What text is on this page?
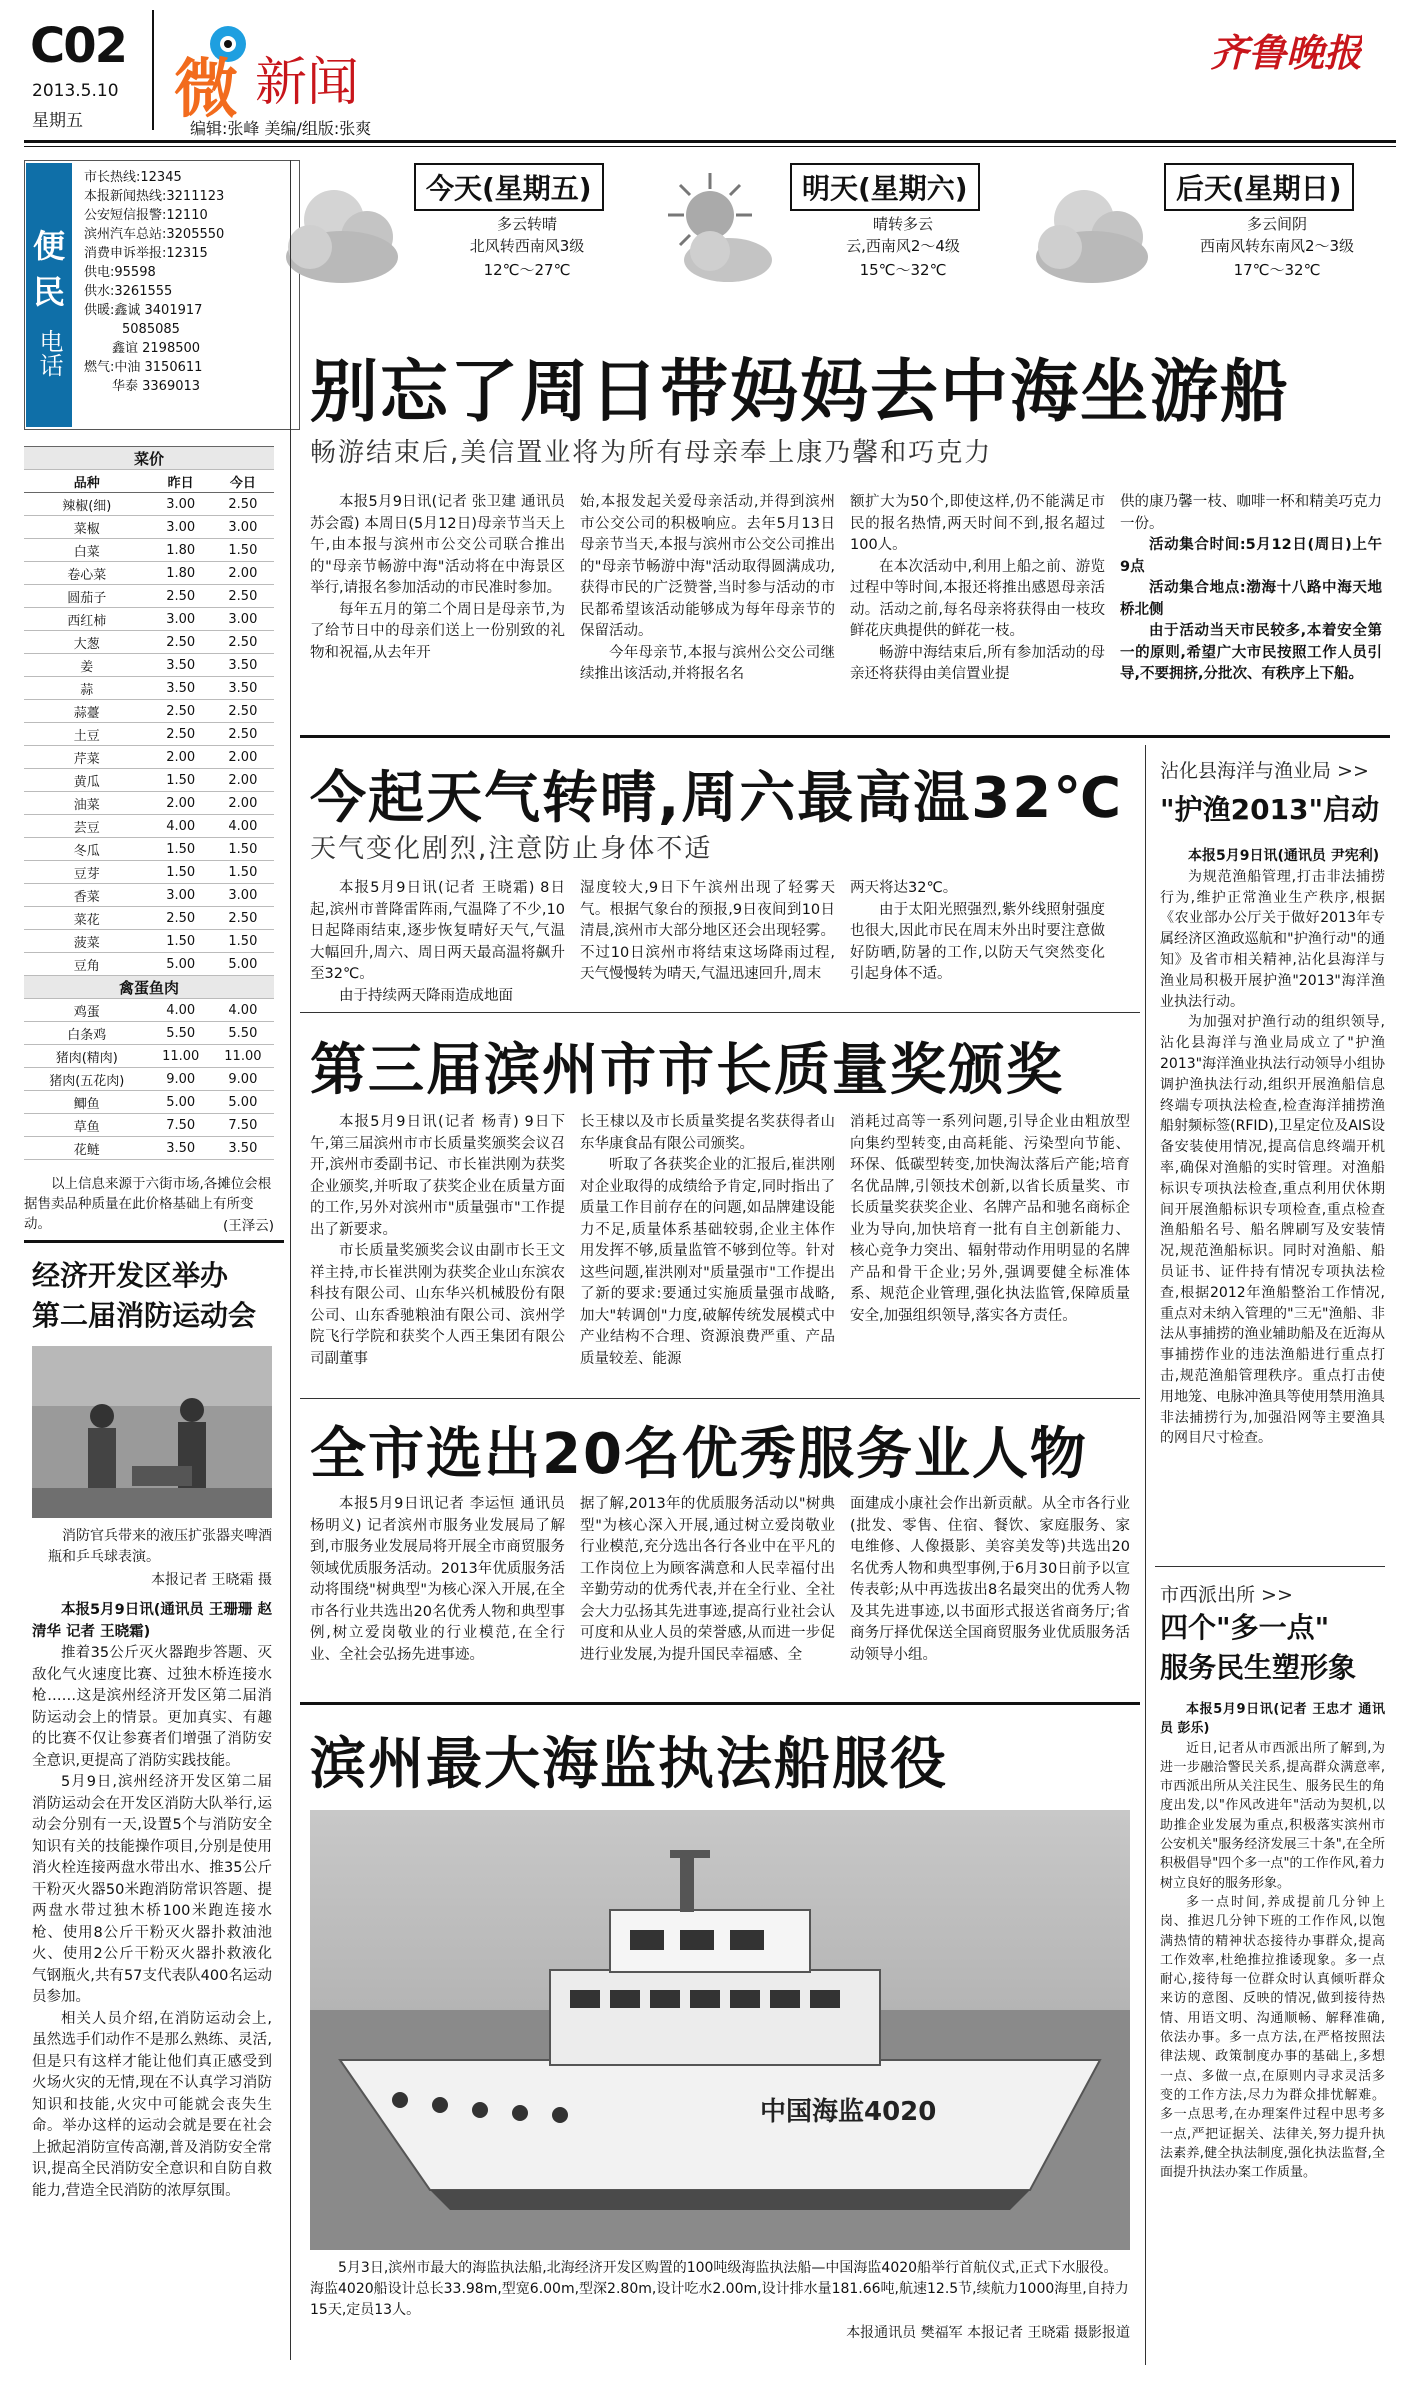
C02
2013.5.10
星期五 微 新闻
编辑:张峰 美编/组版:张爽
齐鲁晚报
便民
电话
市长热线:12345
本报新闻热线:3211123
公安短信报警:12110
滨州汽车总站:3205550
消费申诉举报:12315
供电:95598
供水:3261555
供暖:鑫诚 3401917
5085085
鑫谊 2198500
燃气:中油 3150611
华泰 3369013
今天(星期五)
多云转晴
北风转西南风3级
12℃～27℃
明天(星期六)
晴转多云
云,西南风2～4级
15℃～32℃
后天(星期日)
多云间阴
西南风转东南风2～3级
17℃～32℃
菜价		
品种	昨日	今日
辣椒(细)	3.00	2.50
菜椒	3.00	3.00
白菜	1.80	1.50
卷心菜	1.80	2.00
圆茄子	2.50	2.50
西红柿	3.00	3.00
大葱	2.50	2.50
姜	3.50	3.50
蒜	3.50	3.50
蒜薹	2.50	2.50
土豆	2.50	2.50
芹菜	2.00	2.00
黄瓜	1.50	2.00
油菜	2.00	2.00
芸豆	4.00	4.00
冬瓜	1.50	1.50
豆芽	1.50	1.50
香菜	3.00	3.00
菜花	2.50	2.50
菠菜	1.50	1.50
豆角	5.00	5.00
禽蛋鱼肉		
鸡蛋	4.00	4.00
白条鸡	5.50	5.50
猪肉(精肉)	11.00	11.00
猪肉(五花肉)	9.00	9.00
鲫鱼	5.00	5.00
草鱼	7.50	7.50
花鲢	3.50	3.50
以上信息来源于六街市场,各摊位会根据售卖品种质量在此价格基础上有所变动。	(王泽云)
经济开发区举办
第二届消防运动会
消防官兵带来的液压扩张器夹啤酒瓶和乒乓球表演。
本报记者 王晓霜 摄

本报5月9日讯(通讯员 王珊珊 赵清华 记者 王晓霜)

推着35公斤灭火器跑步答题、灭敌化气火速度比赛、过独木桥连接水枪……这是滨州经济开发区第二届消防运动会上的情景。更加真实、有趣的比赛不仅让参赛者们增强了消防安全意识,更提高了消防实践技能。

5月9日,滨州经济开发区第二届消防运动会在开发区消防大队举行,运动会分别有一天,设置5个与消防安全知识有关的技能操作项目,分别是使用消火栓连接两盘水带出水、推35公斤干粉灭火器50米跑消防常识答题、提两盘水带过独木桥100米跑连接水枪、使用8公斤干粉灭火器扑救油池火、使用2公斤干粉灭火器扑救液化气钢瓶火,共有57支代表队400名运动员参加。

相关人员介绍,在消防运动会上,虽然选手们动作不是那么熟练、灵活,但是只有这样才能让他们真正感受到火场火灾的无情,现在不认真学习消防知识和技能,火灾中可能就会丧失生命。举办这样的运动会就是要在社会上掀起消防宣传高潮,普及消防安全常识,提高全民消防安全意识和自防自救能力,营造全民消防的浓厚氛围。

别忘了周日带妈妈去中海坐游船
畅游结束后,美信置业将为所有母亲奉上康乃馨和巧克力

本报5月9日讯(记者 张卫建 通讯员 苏会霞) 本周日(5月12日)母亲节当天上午,由本报与滨州市公交公司联合推出的"母亲节畅游中海"活动将在中海景区举行,请报名参加活动的市民准时参加。

每年五月的第二个周日是母亲节,为了给节日中的母亲们送上一份别致的礼物和祝福,从去年开

始,本报发起关爱母亲活动,并得到滨州市公交公司的积极响应。去年5月13日母亲节当天,本报与滨州市公交公司推出的"母亲节畅游中海"活动取得圆满成功,获得市民的广泛赞誉,当时参与活动的市民都希望该活动能够成为每年母亲节的保留活动。

今年母亲节,本报与滨州公交公司继续推出该活动,并将报名名

额扩大为50个,即使这样,仍不能满足市民的报名热情,两天时间不到,报名超过100人。

在本次活动中,利用上船之前、游览过程中等时间,本报还将推出感恩母亲活动。活动之前,每名母亲将获得由一枝玫鲜花庆典提供的鲜花一枝。

畅游中海结束后,所有参加活动的母亲还将获得由美信置业提

供的康乃馨一枝、咖啡一杯和精美巧克力一份。

活动集合时间:5月12日(周日)上午9点

活动集合地点:渤海十八路中海天地桥北侧

由于活动当天市民较多,本着安全第一的原则,希望广大市民按照工作人员引导,不要拥挤,分批次、有秩序上下船。

今起天气转晴,周六最高温32℃
天气变化剧烈,注意防止身体不适

本报5月9日讯(记者 王晓霜) 8日起,滨州市普降雷阵雨,气温降了不少,10日起降雨结束,逐步恢复晴好天气,气温大幅回升,周六、周日两天最高温将飙升至32℃。

由于持续两天降雨造成地面

湿度较大,9日下午滨州出现了轻雾天气。根据气象台的预报,9日夜间到10日清晨,滨州市大部分地区还会出现轻雾。不过10日滨州市将结束这场降雨过程,天气慢慢转为晴天,气温迅速回升,周末

两天将达32℃。

由于太阳光照强烈,紫外线照射强度也很大,因此市民在周末外出时要注意做好防晒,防暑的工作,以防天气突然变化引起身体不适。

第三届滨州市市长质量奖颁奖

本报5月9日讯(记者 杨青) 9日下午,第三届滨州市市长质量奖颁奖会议召开,滨州市委副书记、市长崔洪刚为获奖企业颁奖,并听取了获奖企业在质量方面的工作,另外对滨州市"质量强市"工作提出了新要求。

市长质量奖颁奖会议由副市长王文祥主持,市长崔洪刚为获奖企业山东滨农科技有限公司、山东华兴机械股份有限公司、山东香驰粮油有限公司、滨州学院飞行学院和获奖个人西王集团有限公司副董事

长王棣以及市长质量奖提名奖获得者山东华康食品有限公司颁奖。

听取了各获奖企业的汇报后,崔洪刚对企业取得的成绩给予肯定,同时指出了质量工作目前存在的问题,如品牌建设能力不足,质量体系基础较弱,企业主体作用发挥不够,质量监管不够到位等。针对这些问题,崔洪刚对"质量强市"工作提出了新的要求:要通过实施质量强市战略,加大"转调创"力度,破解传统发展模式中产业结构不合理、资源浪费严重、产品质量较差、能源

消耗过高等一系列问题,引导企业由粗放型向集约型转变,由高耗能、污染型向节能、环保、低碳型转变,加快淘汰落后产能;培育名优品牌,引领技术创新,以省长质量奖、市长质量奖获奖企业、名牌产品和驰名商标企业为导向,加快培育一批有自主创新能力、核心竞争力突出、辐射带动作用明显的名牌产品和骨干企业;另外,强调要健全标准体系、规范企业管理,强化执法监管,保障质量安全,加强组织领导,落实各方责任。

全市选出20名优秀服务业人物

本报5月9日讯记者 李运恒 通讯员 杨明义) 记者滨州市服务业发展局了解到,市服务业发展局将开展全市商贸服务领域优质服务活动。2013年优质服务活动将围绕"树典型"为核心深入开展,在全市各行业共选出20名优秀人物和典型事例,树立爱岗敬业的行业模范,在全行业、全社会弘扬先进事迹。

据了解,2013年的优质服务活动以"树典型"为核心深入开展,通过树立爱岗敬业行业模范,充分选出各行各业中在平凡的工作岗位上为顾客满意和人民幸福付出辛勤劳动的优秀代表,并在全行业、全社会大力弘扬其先进事迹,提高行业社会认可度和从业人员的荣誉感,从而进一步促进行业发展,为提升国民幸福感、全

面建成小康社会作出新贡献。从全市各行业(批发、零售、住宿、餐饮、家庭服务、家电维修、人像摄影、美容美发等)共选出20名优秀人物和典型事例,于6月30日前予以宣传表彰;从中再选拔出8名最突出的优秀人物及其先进事迹,以书面形式报送省商务厅;省商务厅择优保送全国商贸服务业优质服务活动领导小组。

滨州最大海监执法船服役
中国海监4020
5月3日,滨州市最大的海监执法船,北海经济开发区购置的100吨级海监执法船—中国海监4020船举行首航仪式,正式下水服役。海监4020船设计总长33.98m,型宽6.00m,型深2.80m,设计吃水2.00m,设计排水量181.66吨,航速12.5节,续航力1000海里,自持力15天,定员13人。
本报通讯员 樊福军 本报记者 王晓霜 摄影报道
沾化县海洋与渔业局 >>
"护渔2013"启动

本报5月9日讯(通讯员 尹宪利)

为规范渔船管理,打击非法捕捞行为,维护正常渔业生产秩序,根据《农业部办公厅关于做好2013年专属经济区渔政巡航和"护渔行动"的通知》及省市相关精神,沾化县海洋与渔业局积极开展护渔"2013"海洋渔业执法行动。

为加强对护渔行动的组织领导,沾化县海洋与渔业局成立了"护渔2013"海洋渔业执法行动领导小组协调护渔执法行动,组织开展渔船信息终端专项执法检查,检查海洋捕捞渔船射频标签(RFID),卫星定位及AIS设备安装使用情况,提高信息终端开机率,确保对渔船的实时管理。对渔船标识专项执法检查,重点利用伏休期间开展渔船标识专项检查,重点检查渔船船名号、船名牌刷写及安装情况,规范渔船标识。同时对渔船、船员证书、证件持有情况专项执法检查,根据2012年渔船整治工作情况,重点对未纳入管理的"三无"渔船、非法从事捕捞的渔业辅助船及在近海从事捕捞作业的违法渔船进行重点打击,规范渔船管理秩序。重点打击使用地笼、电脉冲渔具等使用禁用渔具非法捕捞行为,加强沿网等主要渔具的网目尺寸检查。

市西派出所 >>
四个"多一点"
服务民生塑形象

本报5月9日讯(记者 王忠才 通讯员 彭乐)

近日,记者从市西派出所了解到,为进一步融洽警民关系,提高群众满意率,市西派出所从关注民生、服务民生的角度出发,以"作风改进年"活动为契机,以助推企业发展为重点,积极落实滨州市公安机关"服务经济发展三十条",在全所积极倡导"四个多一点"的工作作风,着力树立良好的服务形象。

多一点时间,养成提前几分钟上岗、推迟几分钟下班的工作作风,以饱满热情的精神状态接待办事群众,提高工作效率,杜绝推拉推诿现象。多一点耐心,接待每一位群众时认真倾听群众来访的意图、反映的情况,做到接待热情、用语文明、沟通顺畅、解释准确,依法办事。多一点方法,在严格按照法律法规、政策制度办事的基础上,多想一点、多做一点,在原则内寻求灵活多变的工作方法,尽力为群众排忧解难。多一点思考,在办理案件过程中思考多一点,严把证据关、法律关,努力提升执法素养,健全执法制度,强化执法监督,全面提升执法办案工作质量。
